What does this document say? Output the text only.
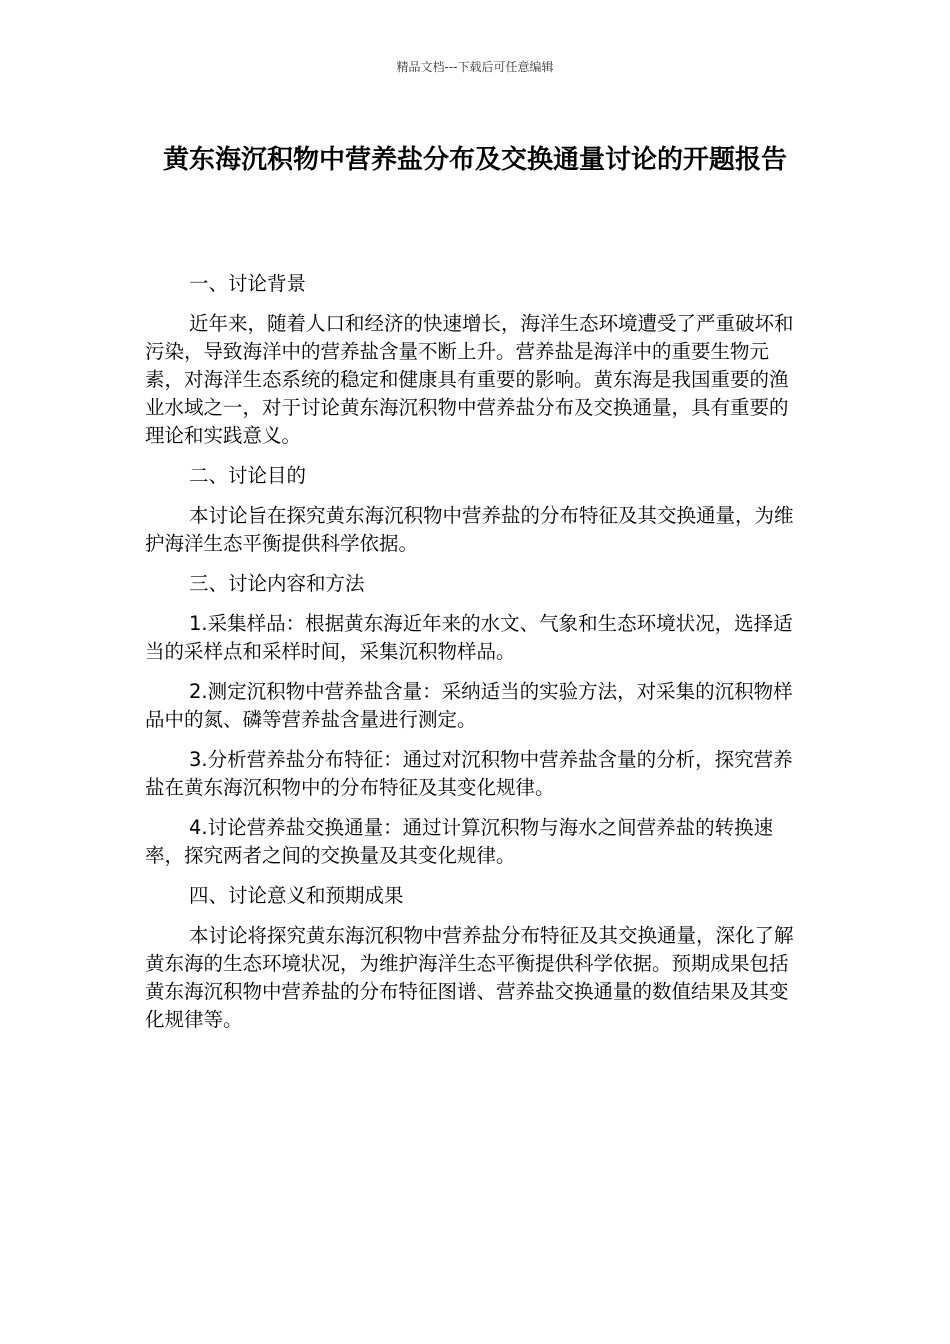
精品文档---下载后可任意编辑
黄东海沉积物中营养盐分布及交换通量讨论的开题报告

一、讨论背景

近年来，随着人口和经济的快速增长，海洋生态环境遭受了严重破坏和污染，导致海洋中的营养盐含量不断上升。营养盐是海洋中的重要生物元素，对海洋生态系统的稳定和健康具有重要的影响。黄东海是我国重要的渔业水域之一，对于讨论黄东海沉积物中营养盐分布及交换通量，具有重要的理论和实践意义。

二、讨论目的

本讨论旨在探究黄东海沉积物中营养盐的分布特征及其交换通量，为维护海洋生态平衡提供科学依据。

三、讨论内容和方法

1.采集样品：根据黄东海近年来的水文、气象和生态环境状况，选择适当的采样点和采样时间，采集沉积物样品。

2.测定沉积物中营养盐含量：采纳适当的实验方法，对采集的沉积物样品中的氮、磷等营养盐含量进行测定。

3.分析营养盐分布特征：通过对沉积物中营养盐含量的分析，探究营养盐在黄东海沉积物中的分布特征及其变化规律。

4.讨论营养盐交换通量：通过计算沉积物与海水之间营养盐的转换速率，探究两者之间的交换量及其变化规律。

四、讨论意义和预期成果

本讨论将探究黄东海沉积物中营养盐分布特征及其交换通量，深化了解黄东海的生态环境状况，为维护海洋生态平衡提供科学依据。预期成果包括黄东海沉积物中营养盐的分布特征图谱、营养盐交换通量的数值结果及其变化规律等。
